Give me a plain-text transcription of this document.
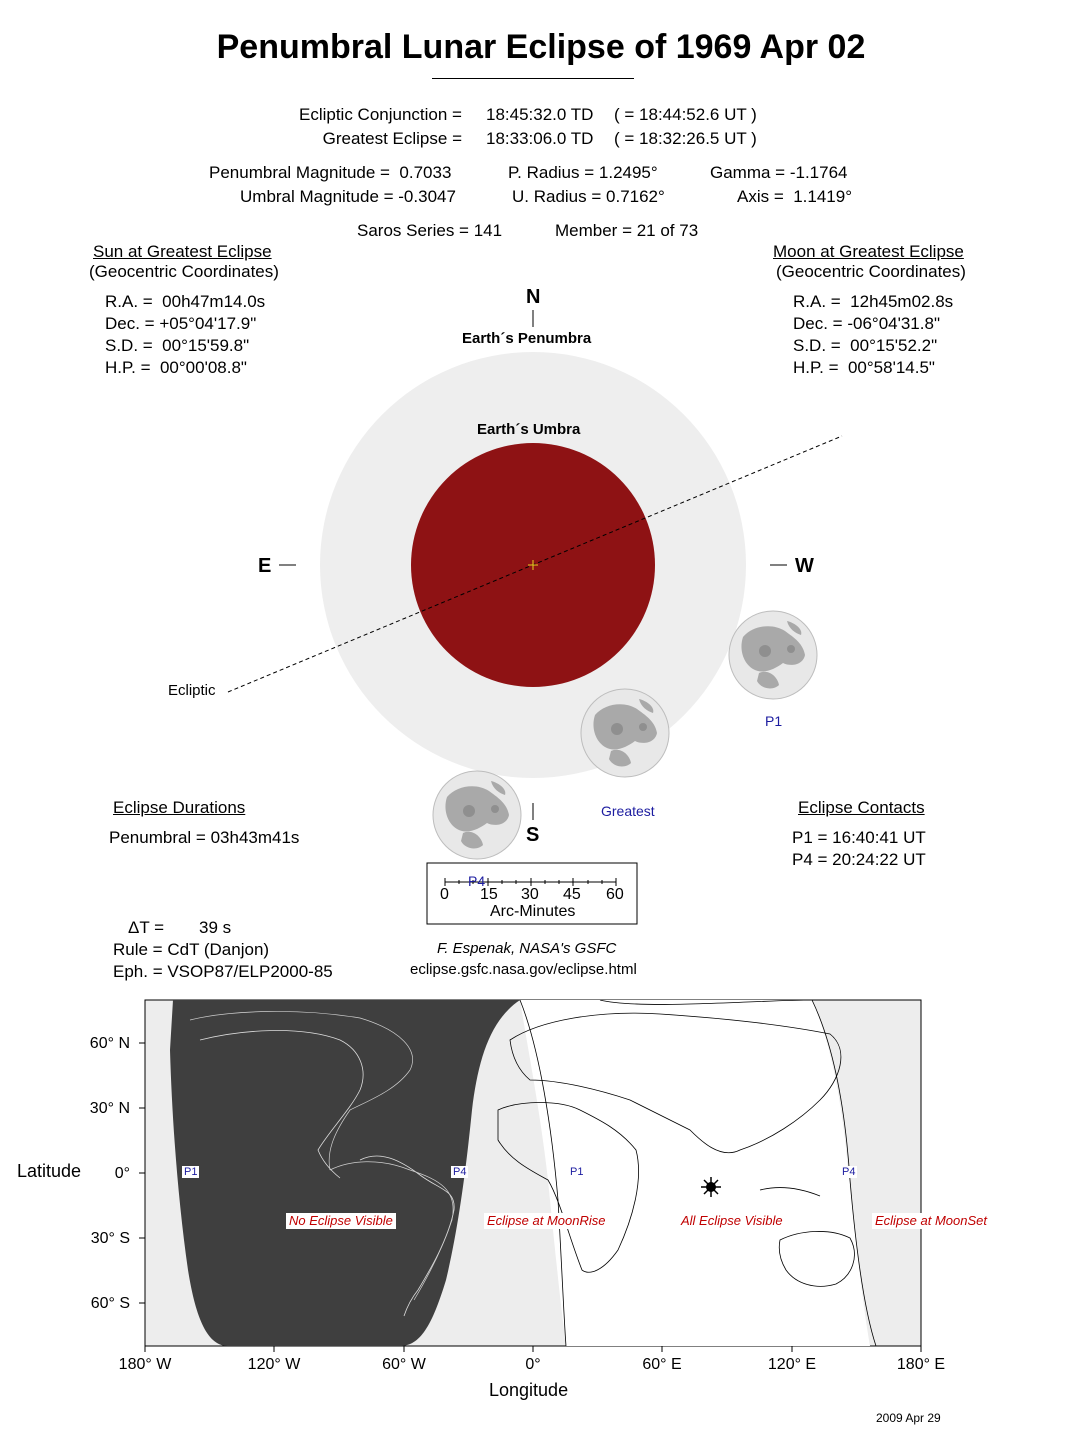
Penumbral Lunar Eclipse of 1969 Apr 02
Ecliptic Conjunction = 18:45:32.0 TD ( = 18:44:52.6 UT )
Greatest Eclipse = 18:33:06.0 TD ( = 18:32:26.5 UT )
Penumbral Magnitude =  0.7033
Umbral Magnitude = -0.3047
P. Radius = 1.2495°
U. Radius = 0.7162°
Gamma = -1.1764
Axis =  1.1419°
Saros Series = 141	Member = 21 of 73
Sun at Greatest Eclipse
(Geocentric Coordinates)
R.A. =  00h47m14.0s
Dec. = +05°04'17.9"
S.D. =  00°15'59.8"
H.P. =  00°00'08.8"
Moon at Greatest Eclipse
(Geocentric Coordinates)
R.A. =  12h45m02.8s
Dec. = -06°04'31.8"
S.D. =  00°15'52.2"
H.P. =  00°58'14.5"
N
S
E	W
Earth´s Penumbra
Earth´s Umbra
Ecliptic
P1
Greatest
P4
0 15 30 45 60
Arc-Minutes
Eclipse Durations
Penumbral = 03h43m41s
Eclipse Contacts
P1 = 16:40:41 UT
P4 = 20:24:22 UT
ΔT = 39 s
Rule = CdT (Danjon)
Eph. = VSOP87/ELP2000-85
F. Espenak, NASA's GSFC
eclipse.gsfc.nasa.gov/eclipse.html
60° N
30° N
0°
30° S
60° S
Latitude
180° W	120° W	60° W	0°	60° E	120° E	180° E
Longitude
No Eclipse Visible	Eclipse at MoonRise	All Eclipse Visible	Eclipse at MoonSet
P1	P4	P1	P4
2009 Apr 29
